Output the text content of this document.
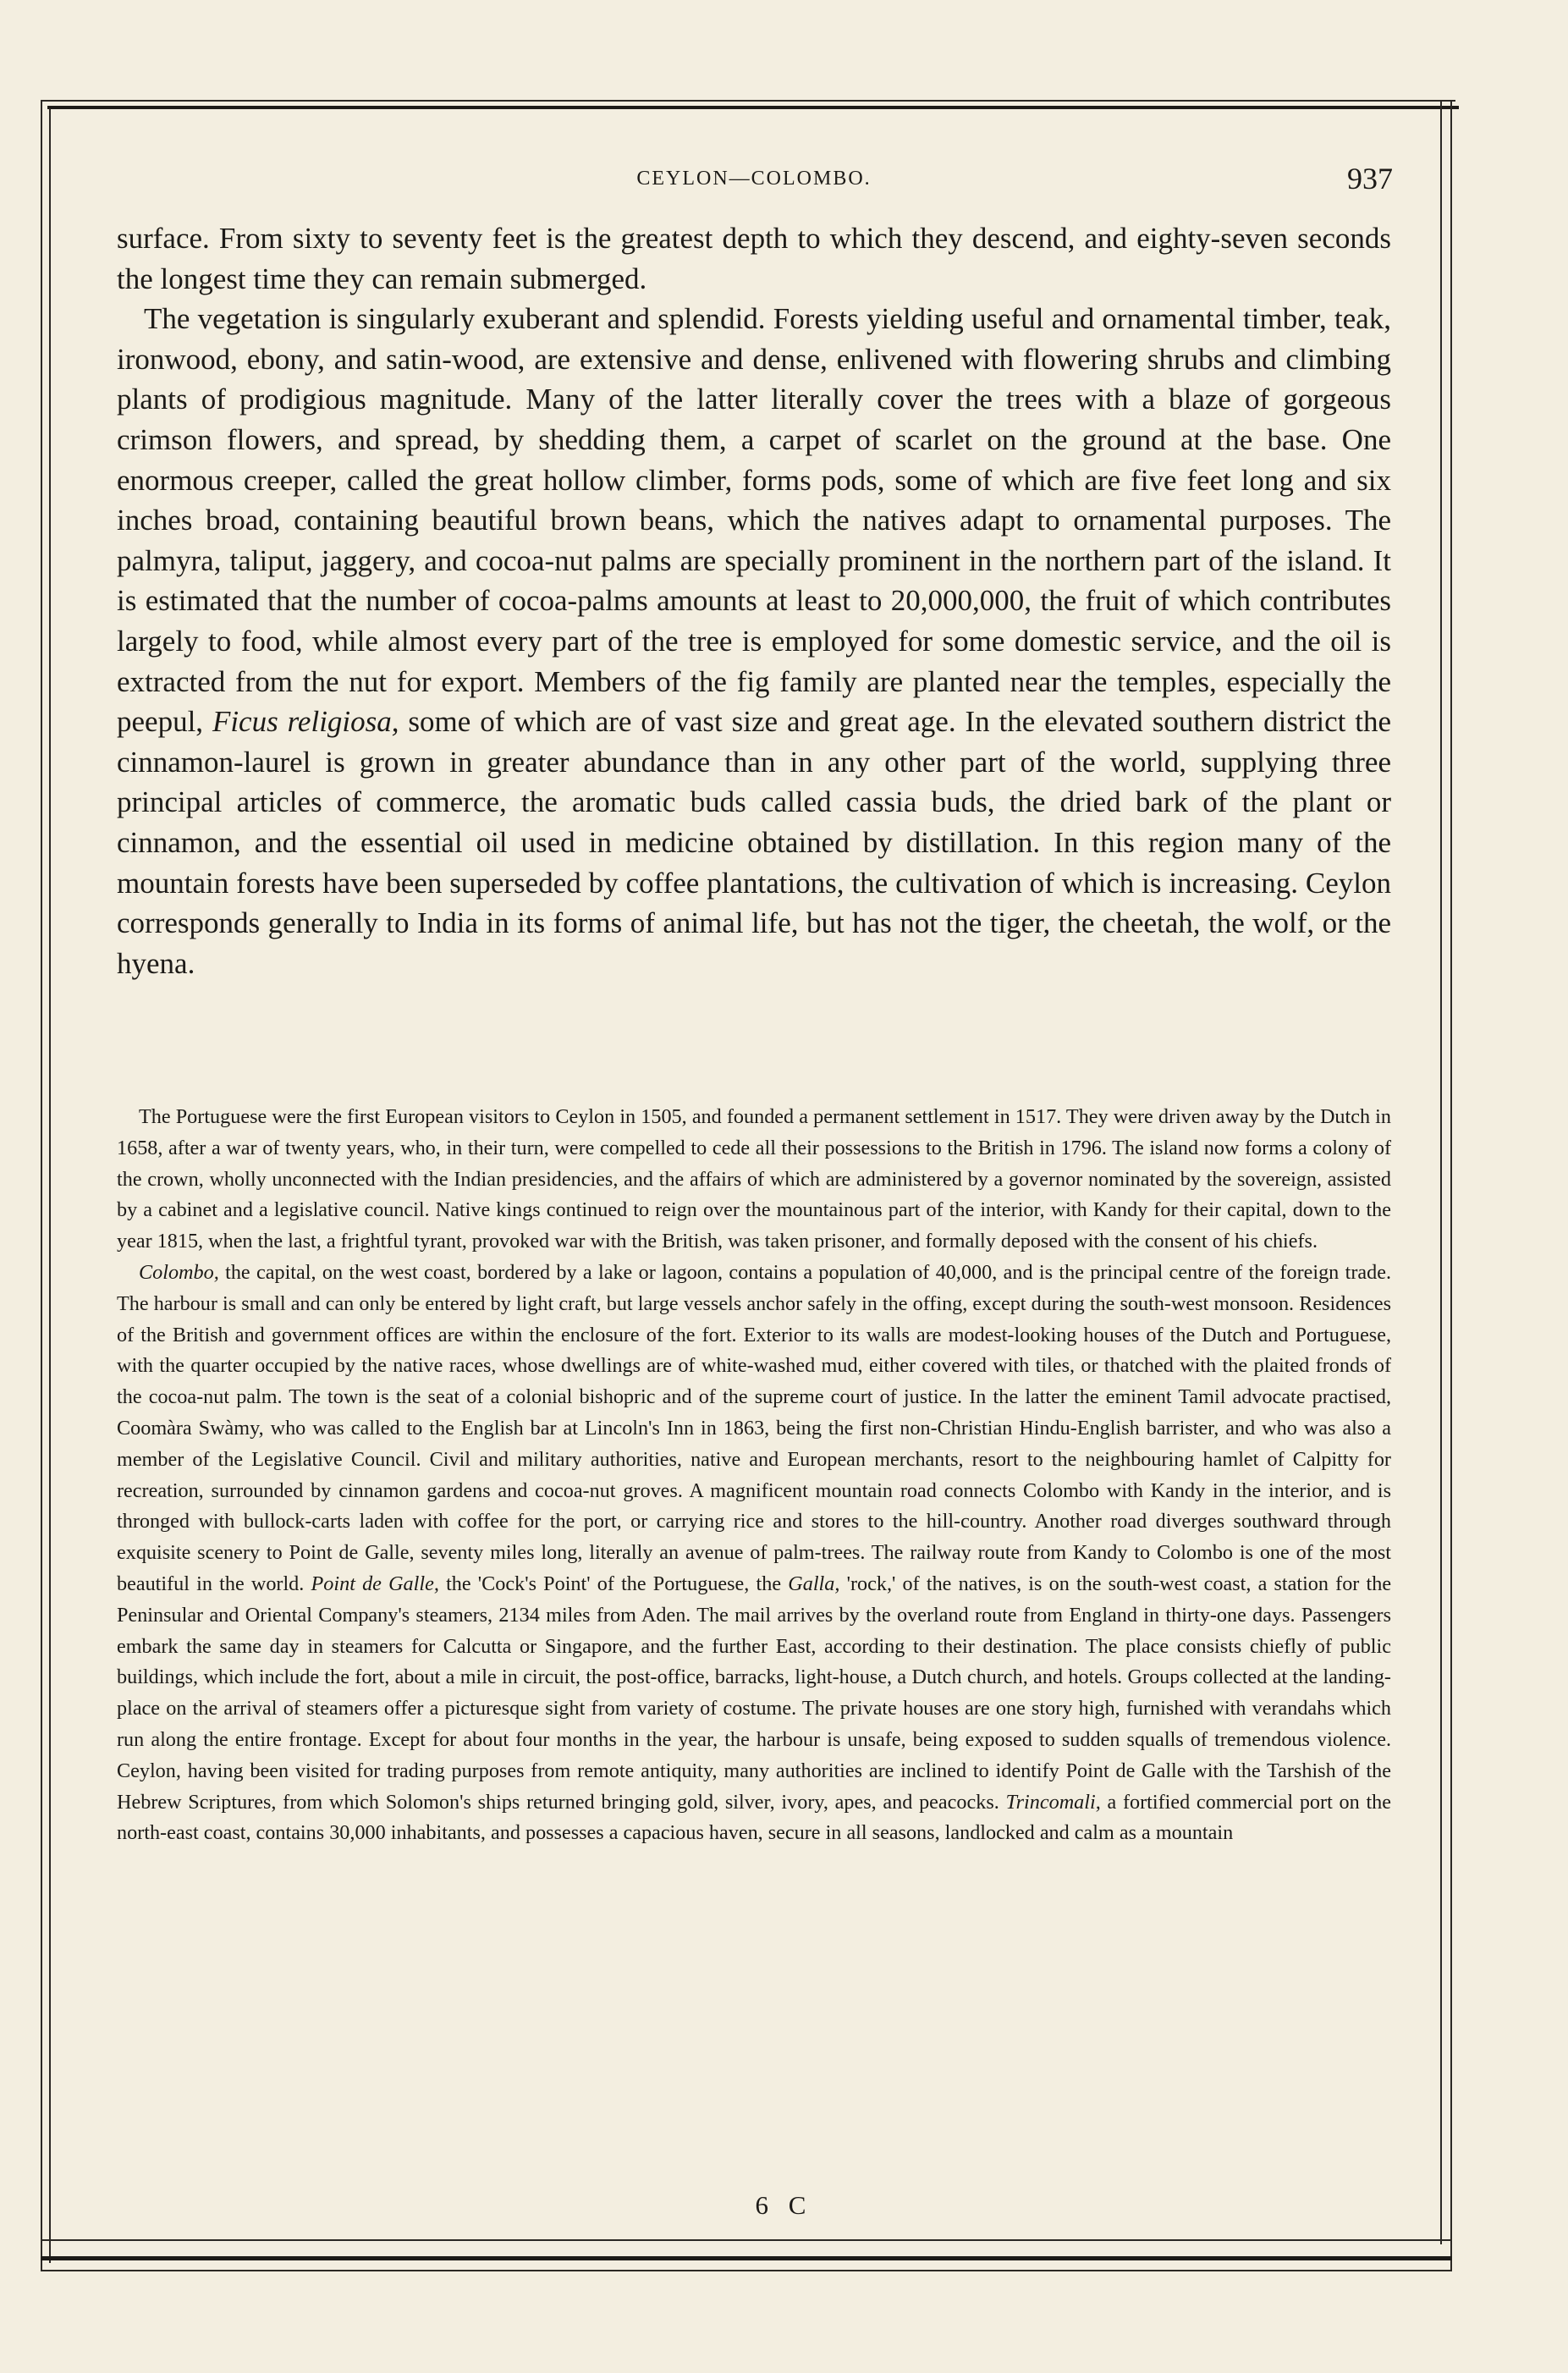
CEYLON—COLOMBO.	937

surface. From sixty to seventy feet is the greatest depth to which they descend, and eighty-seven seconds the longest time they can remain submerged.

The vegetation is singularly exuberant and splendid. Forests yielding useful and ornamental timber, teak, ironwood, ebony, and satin-wood, are extensive and dense, enlivened with flowering shrubs and climbing plants of prodigious magnitude. Many of the latter literally cover the trees with a blaze of gorgeous crimson flowers, and spread, by shedding them, a carpet of scarlet on the ground at the base. One enormous creeper, called the great hollow climber, forms pods, some of which are five feet long and six inches broad, containing beautiful brown beans, which the natives adapt to ornamental purposes. The palmyra, taliput, jaggery, and cocoa-nut palms are specially prominent in the northern part of the island. It is estimated that the number of cocoa-palms amounts at least to 20,000,000, the fruit of which contributes largely to food, while almost every part of the tree is employed for some domestic service, and the oil is extracted from the nut for export. Members of the fig family are planted near the temples, especially the peepul, Ficus religiosa, some of which are of vast size and great age. In the elevated southern district the cinnamon-laurel is grown in greater abundance than in any other part of the world, supplying three principal articles of commerce, the aromatic buds called cassia buds, the dried bark of the plant or cinnamon, and the essential oil used in medicine obtained by distillation. In this region many of the mountain forests have been superseded by coffee plantations, the cultivation of which is increasing. Ceylon corresponds generally to India in its forms of animal life, but has not the tiger, the cheetah, the wolf, or the hyena.

The Portuguese were the first European visitors to Ceylon in 1505, and founded a permanent settlement in 1517. They were driven away by the Dutch in 1658, after a war of twenty years, who, in their turn, were compelled to cede all their possessions to the British in 1796. The island now forms a colony of the crown, wholly unconnected with the Indian presidencies, and the affairs of which are administered by a governor nominated by the sovereign, assisted by a cabinet and a legislative council. Native kings continued to reign over the mountainous part of the interior, with Kandy for their capital, down to the year 1815, when the last, a frightful tyrant, provoked war with the British, was taken prisoner, and formally deposed with the consent of his chiefs.

Colombo, the capital, on the west coast, bordered by a lake or lagoon, contains a population of 40,000, and is the principal centre of the foreign trade. The harbour is small and can only be entered by light craft, but large vessels anchor safely in the offing, except during the south-west monsoon. Residences of the British and government offices are within the enclosure of the fort. Exterior to its walls are modest-looking houses of the Dutch and Portuguese, with the quarter occupied by the native races, whose dwellings are of white-washed mud, either covered with tiles, or thatched with the plaited fronds of the cocoa-nut palm. The town is the seat of a colonial bishopric and of the supreme court of justice. In the latter the eminent Tamil advocate practised, Coomàra Swàmy, who was called to the English bar at Lincoln's Inn in 1863, being the first non-Christian Hindu-English barrister, and who was also a member of the Legislative Council. Civil and military authorities, native and European merchants, resort to the neighbouring hamlet of Calpitty for recreation, surrounded by cinnamon gardens and cocoa-nut groves. A magnificent mountain road connects Colombo with Kandy in the interior, and is thronged with bullock-carts laden with coffee for the port, or carrying rice and stores to the hill-country. Another road diverges southward through exquisite scenery to Point de Galle, seventy miles long, literally an avenue of palm-trees. The railway route from Kandy to Colombo is one of the most beautiful in the world. Point de Galle, the 'Cock's Point' of the Portuguese, the Galla, 'rock,' of the natives, is on the south-west coast, a station for the Peninsular and Oriental Company's steamers, 2134 miles from Aden. The mail arrives by the overland route from England in thirty-one days. Passengers embark the same day in steamers for Calcutta or Singapore, and the further East, according to their destination. The place consists chiefly of public buildings, which include the fort, about a mile in circuit, the post-office, barracks, light-house, a Dutch church, and hotels. Groups collected at the landing-place on the arrival of steamers offer a picturesque sight from variety of costume. The private houses are one story high, furnished with verandahs which run along the entire frontage. Except for about four months in the year, the harbour is unsafe, being exposed to sudden squalls of tremendous violence. Ceylon, having been visited for trading purposes from remote antiquity, many authorities are inclined to identify Point de Galle with the Tarshish of the Hebrew Scriptures, from which Solomon's ships returned bringing gold, silver, ivory, apes, and peacocks. Trincomali, a fortified commercial port on the north-east coast, contains 30,000 inhabitants, and possesses a capacious haven, secure in all seasons, landlocked and calm as a mountain

6 C
